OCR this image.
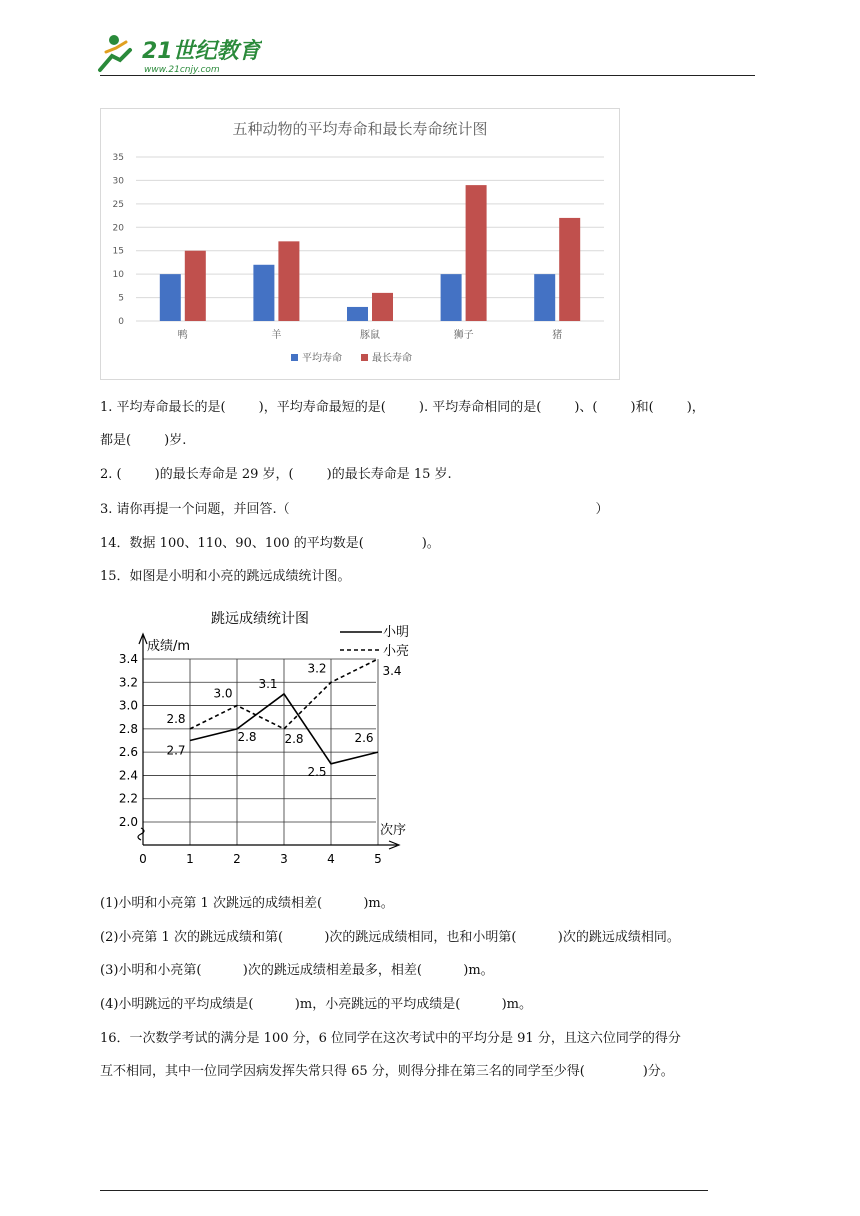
21世纪教育
www.21cnjy.com
五种动物的平均寿命和最长寿命统计图
0
5
10
15
20
25
30
35
鸭	羊	豚鼠	狮子	猪
平均寿命	最长寿命
1. 平均寿命最长的是(        )，平均寿命最短的是(        ). 平均寿命相同的是(        )、(        )和(        )，
都是(        )岁.
2. (        )的最长寿命是 29 岁，(        )的最长寿命是 15 岁.
3. 请你再提一个问题，并回答.（                                                                          ）
14．数据 100、110、90、100 的平均数是(              )。
15．如图是小明和小亮的跳远成绩统计图。
跳远成绩统计图
2.0
2.2
2.4
2.6
2.8
3.0
3.2
3.4
0	1	2	3	4	5
成绩/m
次序
2.7
2.8
3.1
2.5
2.6
2.8
3.0
2.8
3.2	3.4
小明
小亮
(1)小明和小亮第 1 次跳远的成绩相差(          )m。
(2)小亮第 1 次的跳远成绩和第(          )次的跳远成绩相同，也和小明第(          )次的跳远成绩相同。
(3)小明和小亮第(          )次的跳远成绩相差最多，相差(          )m。
(4)小明跳远的平均成绩是(          )m，小亮跳远的平均成绩是(          )m。
16．一次数学考试的满分是 100 分，6 位同学在这次考试中的平均分是 91 分，且这六位同学的得分
互不相同，其中一位同学因病发挥失常只得 65 分，则得分排在第三名的同学至少得(              )分。
